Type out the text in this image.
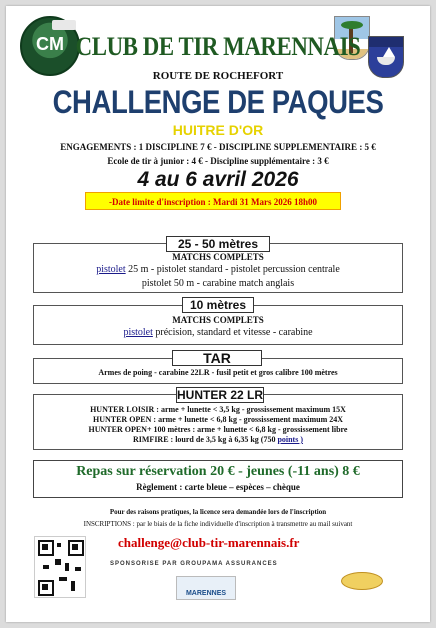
CM CLUB DE TIR MARENNAIS
ROUTE DE ROCHEFORT
CHALLENGE DE PAQUES
HUITRE D'OR
ENGAGEMENTS : 1 DISCIPLINE 7 € - DISCIPLINE SUPPLEMENTAIRE : 5 €
Ecole de tir à junior : 4 € - Discipline supplémentaire : 3 €
4 au 6 avril 2026
-Date limite d'inscription : Mardi 31 Mars 2026 18h00
MATCHS COMPLETS
pistolet 25 m - pistolet standard - pistolet percussion centrale
pistolet 50 m - carabine match anglais
25 - 50 mètres
MATCHS COMPLETS
pistolet précision, standard et vitesse - carabine
10 mètres
Armes de poing - carabine 22LR - fusil petit et gros calibre 100 mètres
TAR
HUNTER LOISIR : arme + lunette < 3,5 kg - grossissement maximum 15X
HUNTER OPEN : arme + lunette < 6,8 kg - grossissement maximum 24X
HUNTER OPEN+ 100 mètres : arme + lunette < 6,8 kg - grossissement libre
RIMFIRE : lourd de 3,5 kg à 6,35 kg (750 points )
HUNTER 22 LR
Repas sur réservation 20 € - jeunes (-11 ans) 8 €
Règlement : carte bleue – espèces – chèque
Pour des raisons pratiques, la licence sera demandée lors de l'inscription
INSCRIPTIONS : par le biais de la fiche individuelle d'inscription à transmettre au mail suivant
challenge@club-tir-marennais.fr
SPONSORISE PAR GROUPAMA ASSURANCES
MARENNES
